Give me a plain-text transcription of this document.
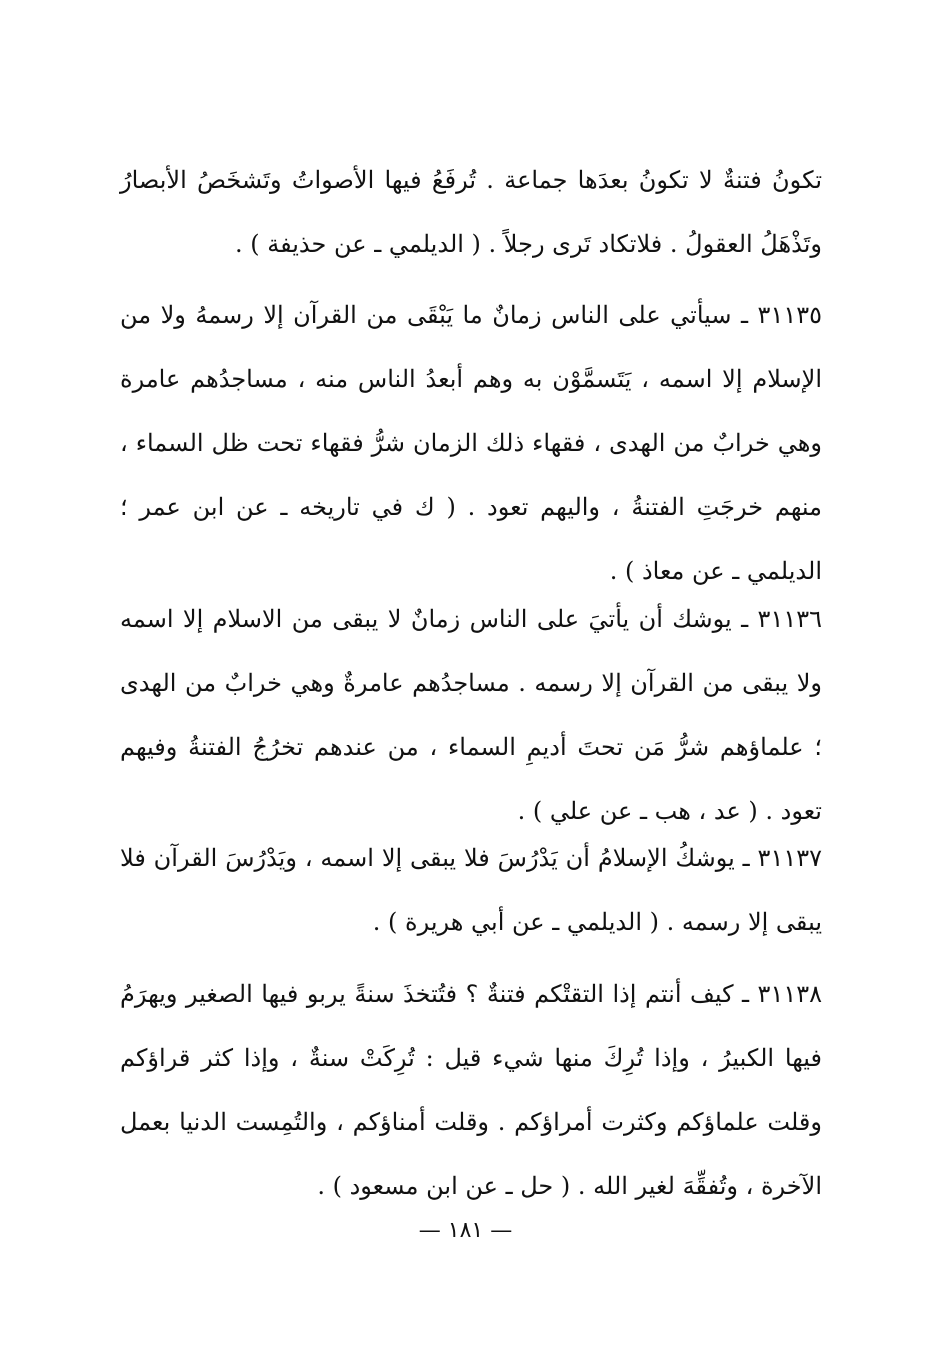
تكونُ فتنةٌ لا تكونُ بعدَها جماعة . تُرفَعُ فيها الأصواتُ وتَشخَصُ الأبصارُ وتَذْهَلُ العقولُ . فلاتكاد تَرى رجلاً . ( الديلمي ـ عن حذيفة ) .

٣١١٣٥ ـ سيأتي على الناس زمانٌ ما يَبْقَى من القرآن إلا رسمهُ ولا من الإسلام إلا اسمه ، يَتَسمَّوْن به وهم أبعدُ الناس منه ، مساجدُهم عامرة وهي خرابٌ من الهدى ، فقهاء ذلك الزمان شرُّ فقهاء تحت ظل السماء ، منهم خرجَتِ الفتنةُ ، واليهم تعود . ( ك في تاريخه ـ عن ابن عمر ؛ الديلمي ـ عن معاذ ) .

٣١١٣٦ ـ يوشك أن يأتيَ على الناس زمانٌ لا يبقى من الاسلام إلا اسمه ولا يبقى من القرآن إلا رسمه . مساجدُهم عامرةٌ وهي خرابٌ من الهدى ؛ علماؤهم شرُّ مَن تحتَ أديمِ السماء ، من عندهم تخرُجُ الفتنةُ وفيهم تعود . ( عد ، هب ـ عن علي ) .

٣١١٣٧ ـ يوشكُ الإسلامُ أن يَدْرُسَ فلا يبقى إلا اسمه ، ويَدْرُسَ القرآن فلا يبقى إلا رسمه . ( الديلمي ـ عن أبي هريرة ) .

٣١١٣٨ ـ كيف أنتم إذا التقتْكم فتنةٌ ؟ فتُتخذَ سنةً يربو فيها الصغير ويهرَمُ فيها الكبيرُ ، وإذا تُرِكَ منها شيء قيل : تُرِكَتْ سنةٌ ، وإذا كثر قراؤكم وقلت علماؤكم وكثرت أمراؤكم . وقلت أمناؤكم ، والتُمِست الدنيا بعمل الآخرة ، وتُفقِّهَ لغير الله . ( حل ـ عن ابن مسعود ) .

— ١٨١ —
